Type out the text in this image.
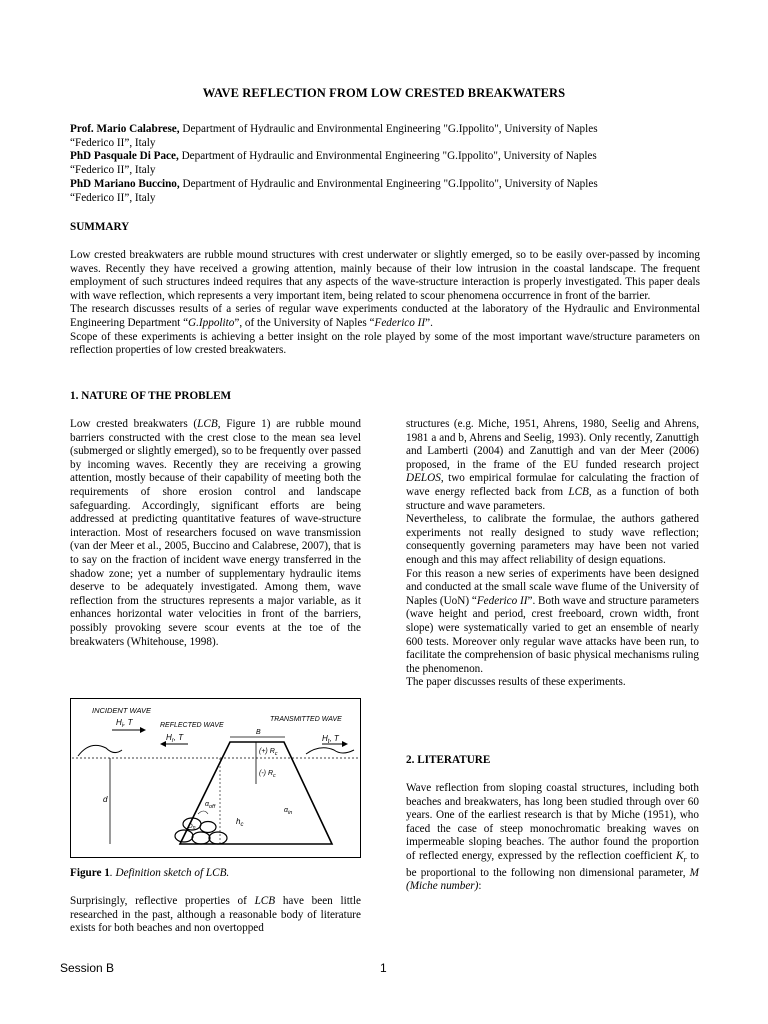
WAVE REFLECTION FROM LOW CRESTED BREAKWATERS
Prof. Mario Calabrese, Department of Hydraulic and Environmental Engineering "G.Ippolito", University of Naples
“Federico II”, Italy
PhD Pasquale Di Pace, Department of Hydraulic and Environmental Engineering "G.Ippolito", University of Naples
“Federico II”, Italy
PhD Mariano Buccino, Department of Hydraulic and Environmental Engineering "G.Ippolito", University of Naples
“Federico II”, Italy
SUMMARY

Low crested breakwaters are rubble mound structures with crest underwater or slightly emerged, so to be easily over-passed by incoming waves. Recently they have received a growing attention, mainly because of their low intrusion in the coastal landscape. The frequent employment of such structures indeed requires that any aspects of the wave-structure interaction is properly investigated. This paper deals with wave reflection, which represents a very important item, being related to scour phenomena occurrence in front of the barrier.

The research discusses results of a series of regular wave experiments conducted at the laboratory of the Hydraulic and Environmental Engineering Department “G.Ippolito”, of the University of Naples “Federico II”.

Scope of these experiments is achieving a better insight on the role played by some of the most important wave/structure parameters on reflection properties of low crested breakwaters.

1. NATURE OF THE PROBLEM

Low crested breakwaters (LCB, Figure 1) are rubble mound barriers constructed with the crest close to the mean sea level (submerged or slightly emerged), so to be frequently over passed by incoming waves. Recently they are receiving a growing attention, mostly because of their capability of meeting both the requirements of shore erosion control and landscape safeguarding. Accordingly, significant efforts are being addressed at predicting quantitative features of wave-structure interaction. Most of researchers focused on wave transmission (van der Meer et al., 2005, Buccino and Calabrese, 2007), that is to say on the fraction of incident wave energy transferred in the shadow zone; yet a number of supplementary hydraulic items deserve to be adequately investigated. Among them, wave reflection from the structures represents a major variable, as it enhances horizontal water velocities in front of the barriers, possibly provoking severe scour events at the toe of the breakwaters (Whitehouse, 1998).

INCIDENT WAVE
REFLECTED WAVE
TRANSMITTED WAVE
$H_i$, T
$H_r$, T	$H_t$, T
B
(+) $R_c$
(-) $R_c$
d
$h_c$
$\alpha_{off}$	$\alpha_{in}$
Dn
Figure 1. Definition sketch of LCB.

Surprisingly, reflective properties of LCB have been little researched in the past, although a reasonable body of literature exists for both beaches and non overtopped

structures (e.g. Miche, 1951, Ahrens, 1980, Seelig and Ahrens, 1981 a and b, Ahrens and Seelig, 1993). Only recently, Zanuttigh and Lamberti (2004) and Zanuttigh and van der Meer (2006) proposed, in the frame of the EU funded research project DELOS, two empirical formulae for calculating the fraction of wave energy reflected back from LCB, as a function of both structure and wave parameters.

Nevertheless, to calibrate the formulae, the authors gathered experiments not really designed to study wave reflection; consequently governing parameters may have been not varied enough and this may affect reliability of design equations.

For this reason a new series of experiments have been designed and conducted at the small scale wave flume of the University of Naples (UoN) “Federico II”. Both wave and structure parameters (wave height and period, crest freeboard, crown width, front slope) were systematically varied to get an ensemble of nearly 600 tests. Moreover only regular wave attacks have been run, to facilitate the comprehension of basic physical mechanisms ruling the phenomenon.

The paper discusses results of these experiments.

2. LITERATURE

Wave reflection from sloping coastal structures, including both beaches and breakwaters, has long been studied through over 60 years. One of the earliest research is that by Miche (1951), who faced the case of steep monochromatic breaking waves on impermeable sloping beaches. The author found the proportion of reflected energy, expressed by the reflection coefficient $K_r$ to be proportional to the following non dimensional parameter, M (Miche number):

Session B	1
